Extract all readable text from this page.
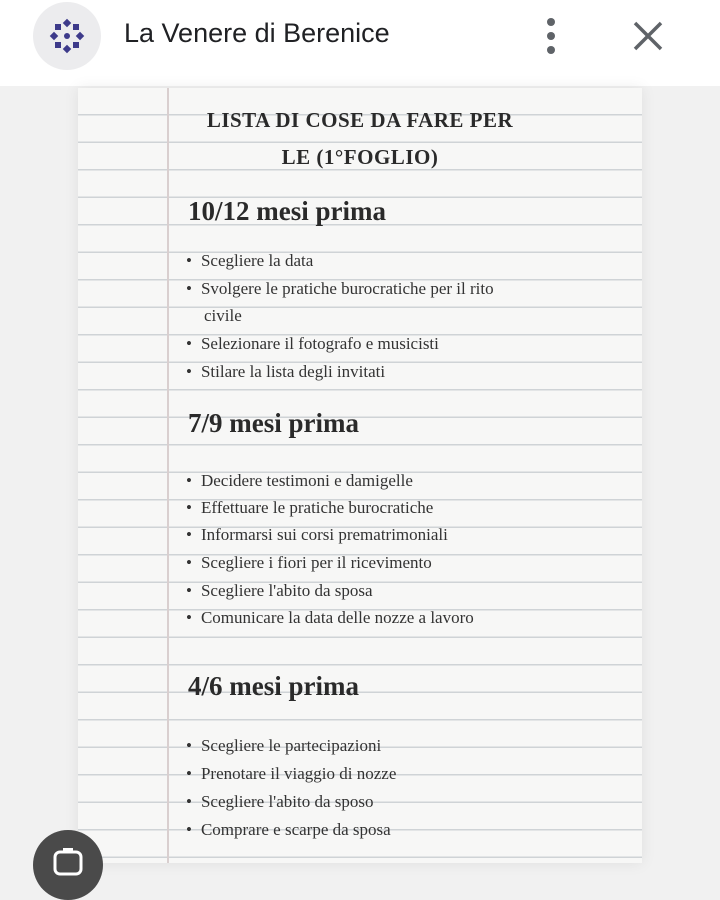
La Venere di Berenice
LISTA DI COSE DA FARE PER
LE (1°FOGLIO)
10/12 mesi prima
• Scegliere la data
• Svolgere le pratiche burocratiche per il rito
civile
• Selezionare il fotografo e musicisti
• Stilare la lista degli invitati
7/9 mesi prima
• Decidere testimoni e damigelle
• Effettuare le pratiche burocratiche
• Informarsi sui corsi prematrimoniali
• Scegliere i fiori per il ricevimento
• Scegliere l'abito da sposa
• Comunicare la data delle nozze a lavoro
4/6 mesi prima
• Scegliere le partecipazioni
• Prenotare il viaggio di nozze
• Scegliere l'abito da sposo
• Comprare e scarpe da sposa
